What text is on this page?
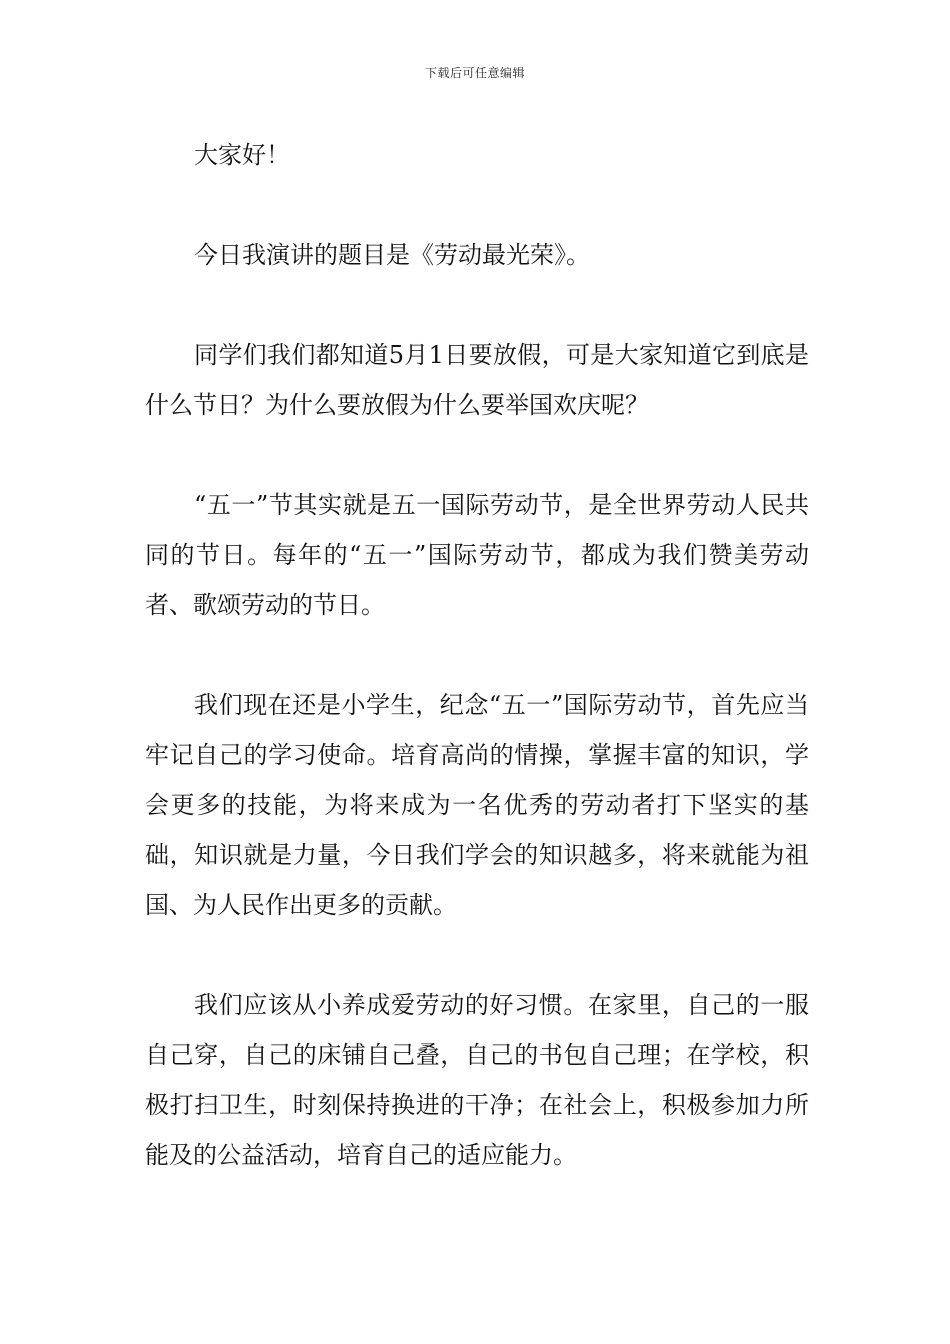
下载后可任意编辑

大家好！

今日我演讲的题目是《劳动最光荣》。

同学们我们都知道5月1日要放假，可是大家知道它到底是什么节日？为什么要放假为什么要举国欢庆呢？

“五一”节其实就是五一国际劳动节，是全世界劳动人民共同的节日。每年的“五一”国际劳动节，都成为我们赞美劳动者、歌颂劳动的节日。

我们现在还是小学生，纪念“五一”国际劳动节，首先应当牢记自己的学习使命。培育高尚的情操，掌握丰富的知识，学会更多的技能，为将来成为一名优秀的劳动者打下坚实的基础，知识就是力量，今日我们学会的知识越多，将来就能为祖国、为人民作出更多的贡献。

我们应该从小养成爱劳动的好习惯。在家里，自己的一服自己穿，自己的床铺自己叠，自己的书包自己理；在学校，积极打扫卫生，时刻保持换进的干净；在社会上，积极参加力所能及的公益活动，培育自己的适应能力。
